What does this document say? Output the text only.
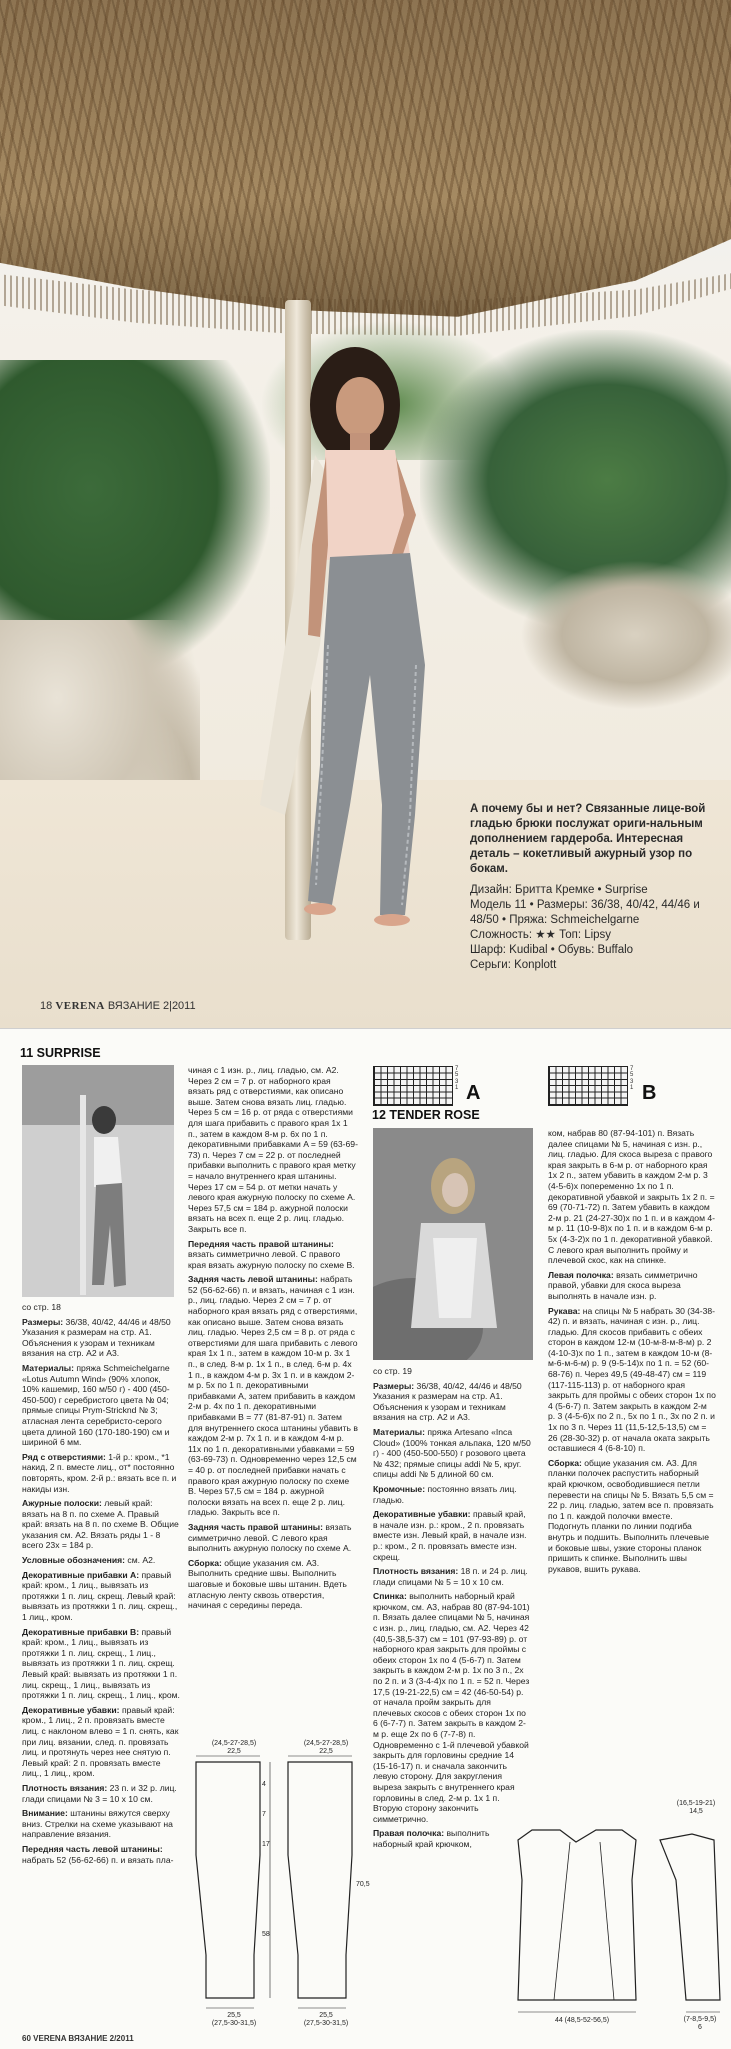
А почему бы и нет? Связанные лице-вой гладью брюки послужат ориги-нальным дополнением гардероба. Интересная деталь – кокетливый ажурный узор по бокам.

Дизайн: Бритта Кремке • Surprise

Модель 11 • Размеры: 36/38, 40/42, 44/46 и 48/50 • Пряжа: Schmeichelgarne

Сложность: ★★ Топ: Lipsy

Шарф: Kudibal • Обувь: Buffalo

Серьги: Konplott

18 VERENA ВЯЗАНИЕ 2|2011
11 SURPRISE

со стр. 18

Размеры: 36/38, 40/42, 44/46 и 48/50 Указания к размерам на стр. A1. Объяснения к узорам и техникам вязания на стр. A2 и A3.

Материалы: пряжа Schmeichelgarne «Lotus Autumn Wind» (90% хлопок, 10% кашемир, 160 м/50 г) - 400 (450-450-500) г серебристого цвета № 04; прямые спицы Prym-Stricknd № 3; атласная лента серебристо-серого цвета длиной 160 (170-180-190) см и шириной 6 мм.

Ряд с отверстиями: 1-й р.: кром., *1 накид, 2 п. вместе лиц., от* постоянно повторять, кром. 2-й р.: вязать все п. и накиды изн.

Ажурные полоски: левый край: вязать на 8 п. по схеме A. Правый край: вязать на 8 п. по схеме B. Общие указания см. A2. Вязать ряды 1 - 8 всего 23x = 184 р.

Условные обозначения: см. A2.

Декоративные прибавки A: правый край: кром., 1 лиц., вывязать из протяжки 1 п. лиц. скрещ. Левый край: вывязать из протяжки 1 п. лиц. скрещ., 1 лиц., кром.

Декоративные прибавки B: правый край: кром., 1 лиц., вывязать из протяжки 1 п. лиц. скрещ., 1 лиц., вывязать из протяжки 1 п. лиц. скрещ. Левый край: вывязать из протяжки 1 п. лиц. скрещ., 1 лиц., вывязать из протяжки 1 п. лиц. скрещ., 1 лиц., кром.

Декоративные убавки: правый край: кром., 1 лиц., 2 п. провязать вместе лиц. с наклоном влево = 1 п. снять, как при лиц. вязании, след. п. провязать лиц. и протянуть через нее снятую п. Левый край: 2 п. провязать вместе лиц., 1 лиц., кром.

Плотность вязания: 23 п. и 32 р. лиц. глади спицами № 3 = 10 x 10 см.

Внимание: штанины вяжутся сверху вниз. Стрелки на схеме указывают на направление вязания.

Передняя часть левой штанины: набрать 52 (56-62-66) п. и вязать пла-

чиная с 1 изн. р., лиц. гладью, см. A2. Через 2 см = 7 р. от наборного края вязать ряд с отверстиями, как описано выше. Затем снова вязать лиц. гладью. Через 5 см = 16 р. от ряда с отверстиями для шага прибавить с правого края 1x 1 п., затем в каждом 8-м р. 6x по 1 п. декоративными прибавками A = 59 (63-69-73) п. Через 7 см = 22 р. от последней прибавки выполнить с правого края метку = начало внутреннего края штанины. Через 17 см = 54 р. от метки начать у левого края ажурную полоску по схеме A. Через 57,5 см = 184 р. ажурной полоски вязать на всех п. еще 2 р. лиц. гладью. Закрыть все п.

Передняя часть правой штанины: вязать симметрично левой. С правого края вязать ажурную полоску по схеме B.

Задняя часть левой штанины: набрать 52 (56-62-66) п. и вязать, начиная с 1 изн. р., лиц. гладью. Через 2 см = 7 р. от наборного края вязать ряд с отверстиями, как описано выше. Затем снова вязать лиц. гладью. Через 2,5 см = 8 р. от ряда с отверстиями для шага прибавить с левого края 1x 1 п., затем в каждом 10-м р. 3x 1 п., в след. 8-м р. 1x 1 п., в след. 6-м р. 4x 1 п., в каждом 4-м р. 3x 1 п. и в каждом 2-м р. 5x по 1 п. декоративными прибавками A, затем прибавить в каждом 2-м р. 4x по 1 п. декоративными прибавками B = 77 (81-87-91) п. Затем для внутреннего скоса штанины убавить в каждом 2-м р. 7x 1 п. и в каждом 4-м р. 11x по 1 п. декоративными убавками = 59 (63-69-73) п. Одновременно через 12,5 см = 40 р. от последней прибавки начать с правого края ажурную полоску по схеме B. Через 57,5 см = 184 р. ажурной полоски вязать на всех п. еще 2 р. лиц. гладью. Закрыть все п.

Задняя часть правой штанины: вязать симметрично левой. С левого края выполнить ажурную полоску по схеме A.

Сборка: общие указания см. A3. Выполнить средние швы. Выполнить шаговые и боковые швы штанин. Вдеть атласную ленту сквозь отверстия, начиная с середины переда.

(24,5-27-28,5)
22,5
(24,5-27-28,5)
22,5
4
7
17
58
70,5
25,5
(27,5-30-31,5)
25,5
(27,5-30-31,5)
7
5
3
1 A
7
5
3
1 B
12 TENDER ROSE

со стр. 19

Размеры: 36/38, 40/42, 44/46 и 48/50 Указания к размерам на стр. A1. Объяснения к узорам и техникам вязания на стр. A2 и A3.

Материалы: пряжа Artesano «Inca Cloud» (100% тонкая альпака, 120 м/50 г) - 400 (450-500-550) г розового цвета № 432; прямые спицы addi № 5, круг. спицы addi № 5 длиной 60 см.

Кромочные: постоянно вязать лиц. гладью.

Декоративные убавки: правый край, в начале изн. р.: кром., 2 п. провязать вместе изн. Левый край, в начале изн. р.: кром., 2 п. провязать вместе изн. скрещ.

Плотность вязания: 18 п. и 24 р. лиц. глади спицами № 5 = 10 x 10 см.

Спинка: выполнить наборный край крючком, см. A3, набрав 80 (87-94-101) п. Вязать далее спицами № 5, начиная с изн. р., лиц. гладью, см. A2. Через 42 (40,5-38,5-37) см = 101 (97-93-89) р. от наборного края закрыть для проймы с обеих сторон 1x по 4 (5-6-7) п. Затем закрыть в каждом 2-м р. 1x по 3 п., 2x по 2 п. и 3 (3-4-4)x по 1 п. = 52 п. Через 17,5 (19-21-22,5) см = 42 (46-50-54) р. от начала пройм закрыть для плечевых скосов с обеих сторон 1x по 6 (6-7-7) п. Затем закрыть в каждом 2-м р. еще 2x по 6 (7-7-8) п. Одновременно с 1-й плечевой убавкой закрыть для горловины средние 14 (15-16-17) п. и сначала закончить левую сторону. Для закругления выреза закрыть с внутреннего края горловины в след. 2-м р. 1x 1 п. Вторую сторону закончить симметрично.

Правая полочка: выполнить наборный край крючком,

ком, набрав 80 (87-94-101) п. Вязать далее спицами № 5, начиная с изн. р., лиц. гладью. Для скоса выреза с правого края закрыть в 6-м р. от наборного края 1x 2 п., затем убавить в каждом 2-м р. 3 (4-5-6)x попеременно 1x по 1 п. декоративной убавкой и закрыть 1x 2 п. = 69 (70-71-72) п. Затем убавить в каждом 2-м р. 21 (24-27-30)x по 1 п. и в каждом 4-м р. 11 (10-9-8)x по 1 п. и в каждом 6-м р. 5x (4-3-2)x по 1 п. декоративной убавкой. С левого края выполнить пройму и плечевой скос, как на спинке.

Левая полочка: вязать симметрично правой, убавки для скоса выреза выполнять в начале изн. р.

Рукава: на спицы № 5 набрать 30 (34-38-42) п. и вязать, начиная с изн. р., лиц. гладью. Для скосов прибавить с обеих сторон в каждом 12-м (10-м-8-м-8-м) р. 2 (4-10-3)x по 1 п., затем в каждом 10-м (8-м-6-м-6-м) р. 9 (9-5-14)x по 1 п. = 52 (60-68-76) п. Через 49,5 (49-48-47) см = 119 (117-115-113) р. от наборного края закрыть для проймы с обеих сторон 1x по 4 (5-6-7) п. Затем закрыть в каждом 2-м р. 3 (4-5-6)x по 2 п., 5x по 1 п., 3x по 2 п. и 1x по 3 п. Через 11 (11,5-12,5-13,5) см = 26 (28-30-32) р. от начала оката закрыть оставшиеся 4 (6-8-10) п.

Сборка: общие указания см. A3. Для планки полочек распустить наборный край крючком, освободившиеся петли перевести на спицы № 5. Вязать 5,5 см = 22 р. лиц. гладью, затем все п. провязать по 1 п. каждой полочки вместе. Подогнуть планки по линии подгиба внутрь и подшить. Выполнить плечевые и боковые швы, узкие стороны планок пришить к спинке. Выполнить швы рукавов, вшить рукава.

44 (48,5-52-56,5)
(16,5-19-21)
14,5
(7-8,5-9,5)
6
60 VERENA ВЯЗАНИЕ 2/2011
